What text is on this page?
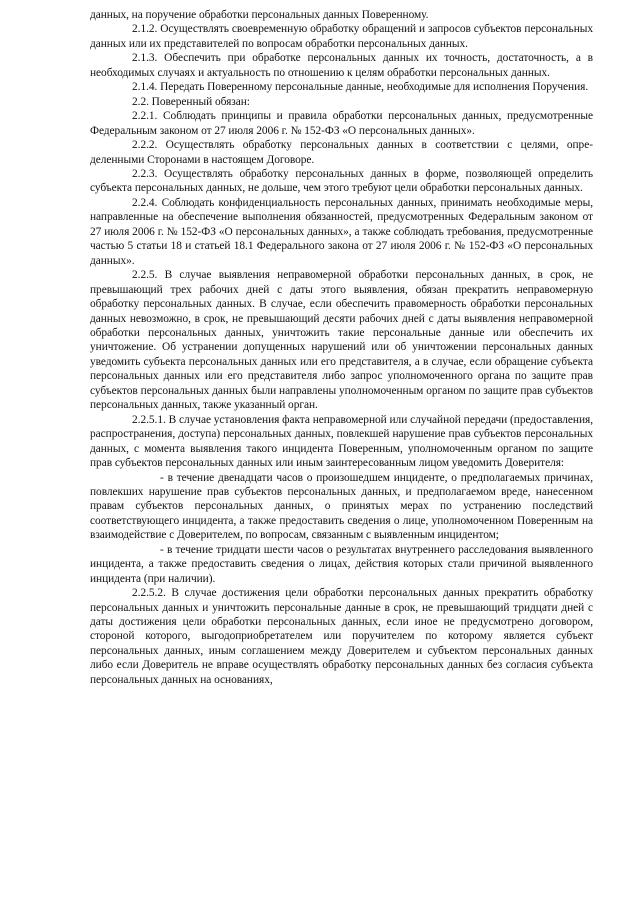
данных, на поручение обработки персональных данных Поверенному.

2.1.2. Осуществлять своевременную обработку обращений и запросов субъектов персональных данных или их представителей по вопросам обработки персональных данных.

2.1.3. Обеспечить при обработке персональных данных их точность, достаточность, а в необходимых случаях и актуальность по отношению к целям обработки персональных данных.

2.1.4. Передать Поверенному персональные данные, необходимые для исполнения Поручения.

2.2. Поверенный обязан:

2.2.1. Соблюдать принципы и правила обработки персональных данных, предусмотренные Федеральным законом от 27 июля 2006 г. № 152-ФЗ «О персональных данных».

2.2.2. Осуществлять обработку персональных данных в соответствии с целями, определенными Сторонами в настоящем Договоре.

2.2.3. Осуществлять обработку персональных данных в форме, позволяющей определить субъекта персональных данных, не дольше, чем этого требуют цели обработки персональных данных.

2.2.4. Соблюдать конфиденциальность персональных данных, принимать необходимые меры, направленные на обеспечение выполнения обязанностей, предусмотренных Федеральным законом от 27 июля 2006 г. № 152-ФЗ «О персональных данных», а также соблюдать требования, предусмотренные частью 5 статьи 18 и статьей 18.1 Федерального закона от 27 июля 2006 г. № 152-ФЗ «О персональных данных».

2.2.5. В случае выявления неправомерной обработки персональных данных, в срок, не превышающий трех рабочих дней с даты этого выявления, обязан прекратить неправомерную обработку персональных данных. В случае, если обеспечить правомерность обработки персональных данных невозможно, в срок, не превышающий десяти рабочих дней с даты выявления неправомерной обработки персональных данных, уничтожить такие персональные данные или обеспечить их уничтожение. Об устранении допущенных нарушений или об уничтожении персональных данных уведомить субъекта персональных данных или его представителя, а в случае, если обращение субъекта персональных данных или его представителя либо запрос уполномоченного органа по защите прав субъектов персональных данных были направлены уполномоченным органом по защите прав субъектов персональных данных, также указанный орган.

2.2.5.1. В случае установления факта неправомерной или случайной передачи (предоставления, распространения, доступа) персональных данных, повлекшей нарушение прав субъектов персональных данных, с момента выявления такого инцидента Поверенным, уполномоченным органом по защите прав субъектов персональных данных или иным заинтересованным лицом уведомить Доверителя:

- в течение двенадцати часов о произошедшем инциденте, о предполагаемых причинах, повлекших нарушение прав субъектов персональных данных, и предполагаемом вреде, нанесенном правам субъектов персональных данных, о принятых мерах по устранению последствий соответствующего инцидента, а также предоставить сведения о лице, уполномоченном Поверенным на взаимодействие с Доверителем, по вопросам, связанным с выявленным инцидентом;

- в течение тридцати шести часов о результатах внутреннего расследования выявленного инцидента, а также предоставить сведения о лицах, действия которых стали причиной выявленного инцидента (при наличии).

2.2.5.2. В случае достижения цели обработки персональных данных прекратить обработку персональных данных и уничтожить персональные данные в срок, не превышающий тридцати дней с даты достижения цели обработки персональных данных, если иное не предусмотрено договором, стороной которого, выгодоприобретателем или поручителем по которому является субъект персональных данных, иным соглашением между Доверителем и субъектом персональных данных либо если Доверитель не вправе осуществлять обработку персональных данных без согласия субъекта персональных данных на основаниях,
